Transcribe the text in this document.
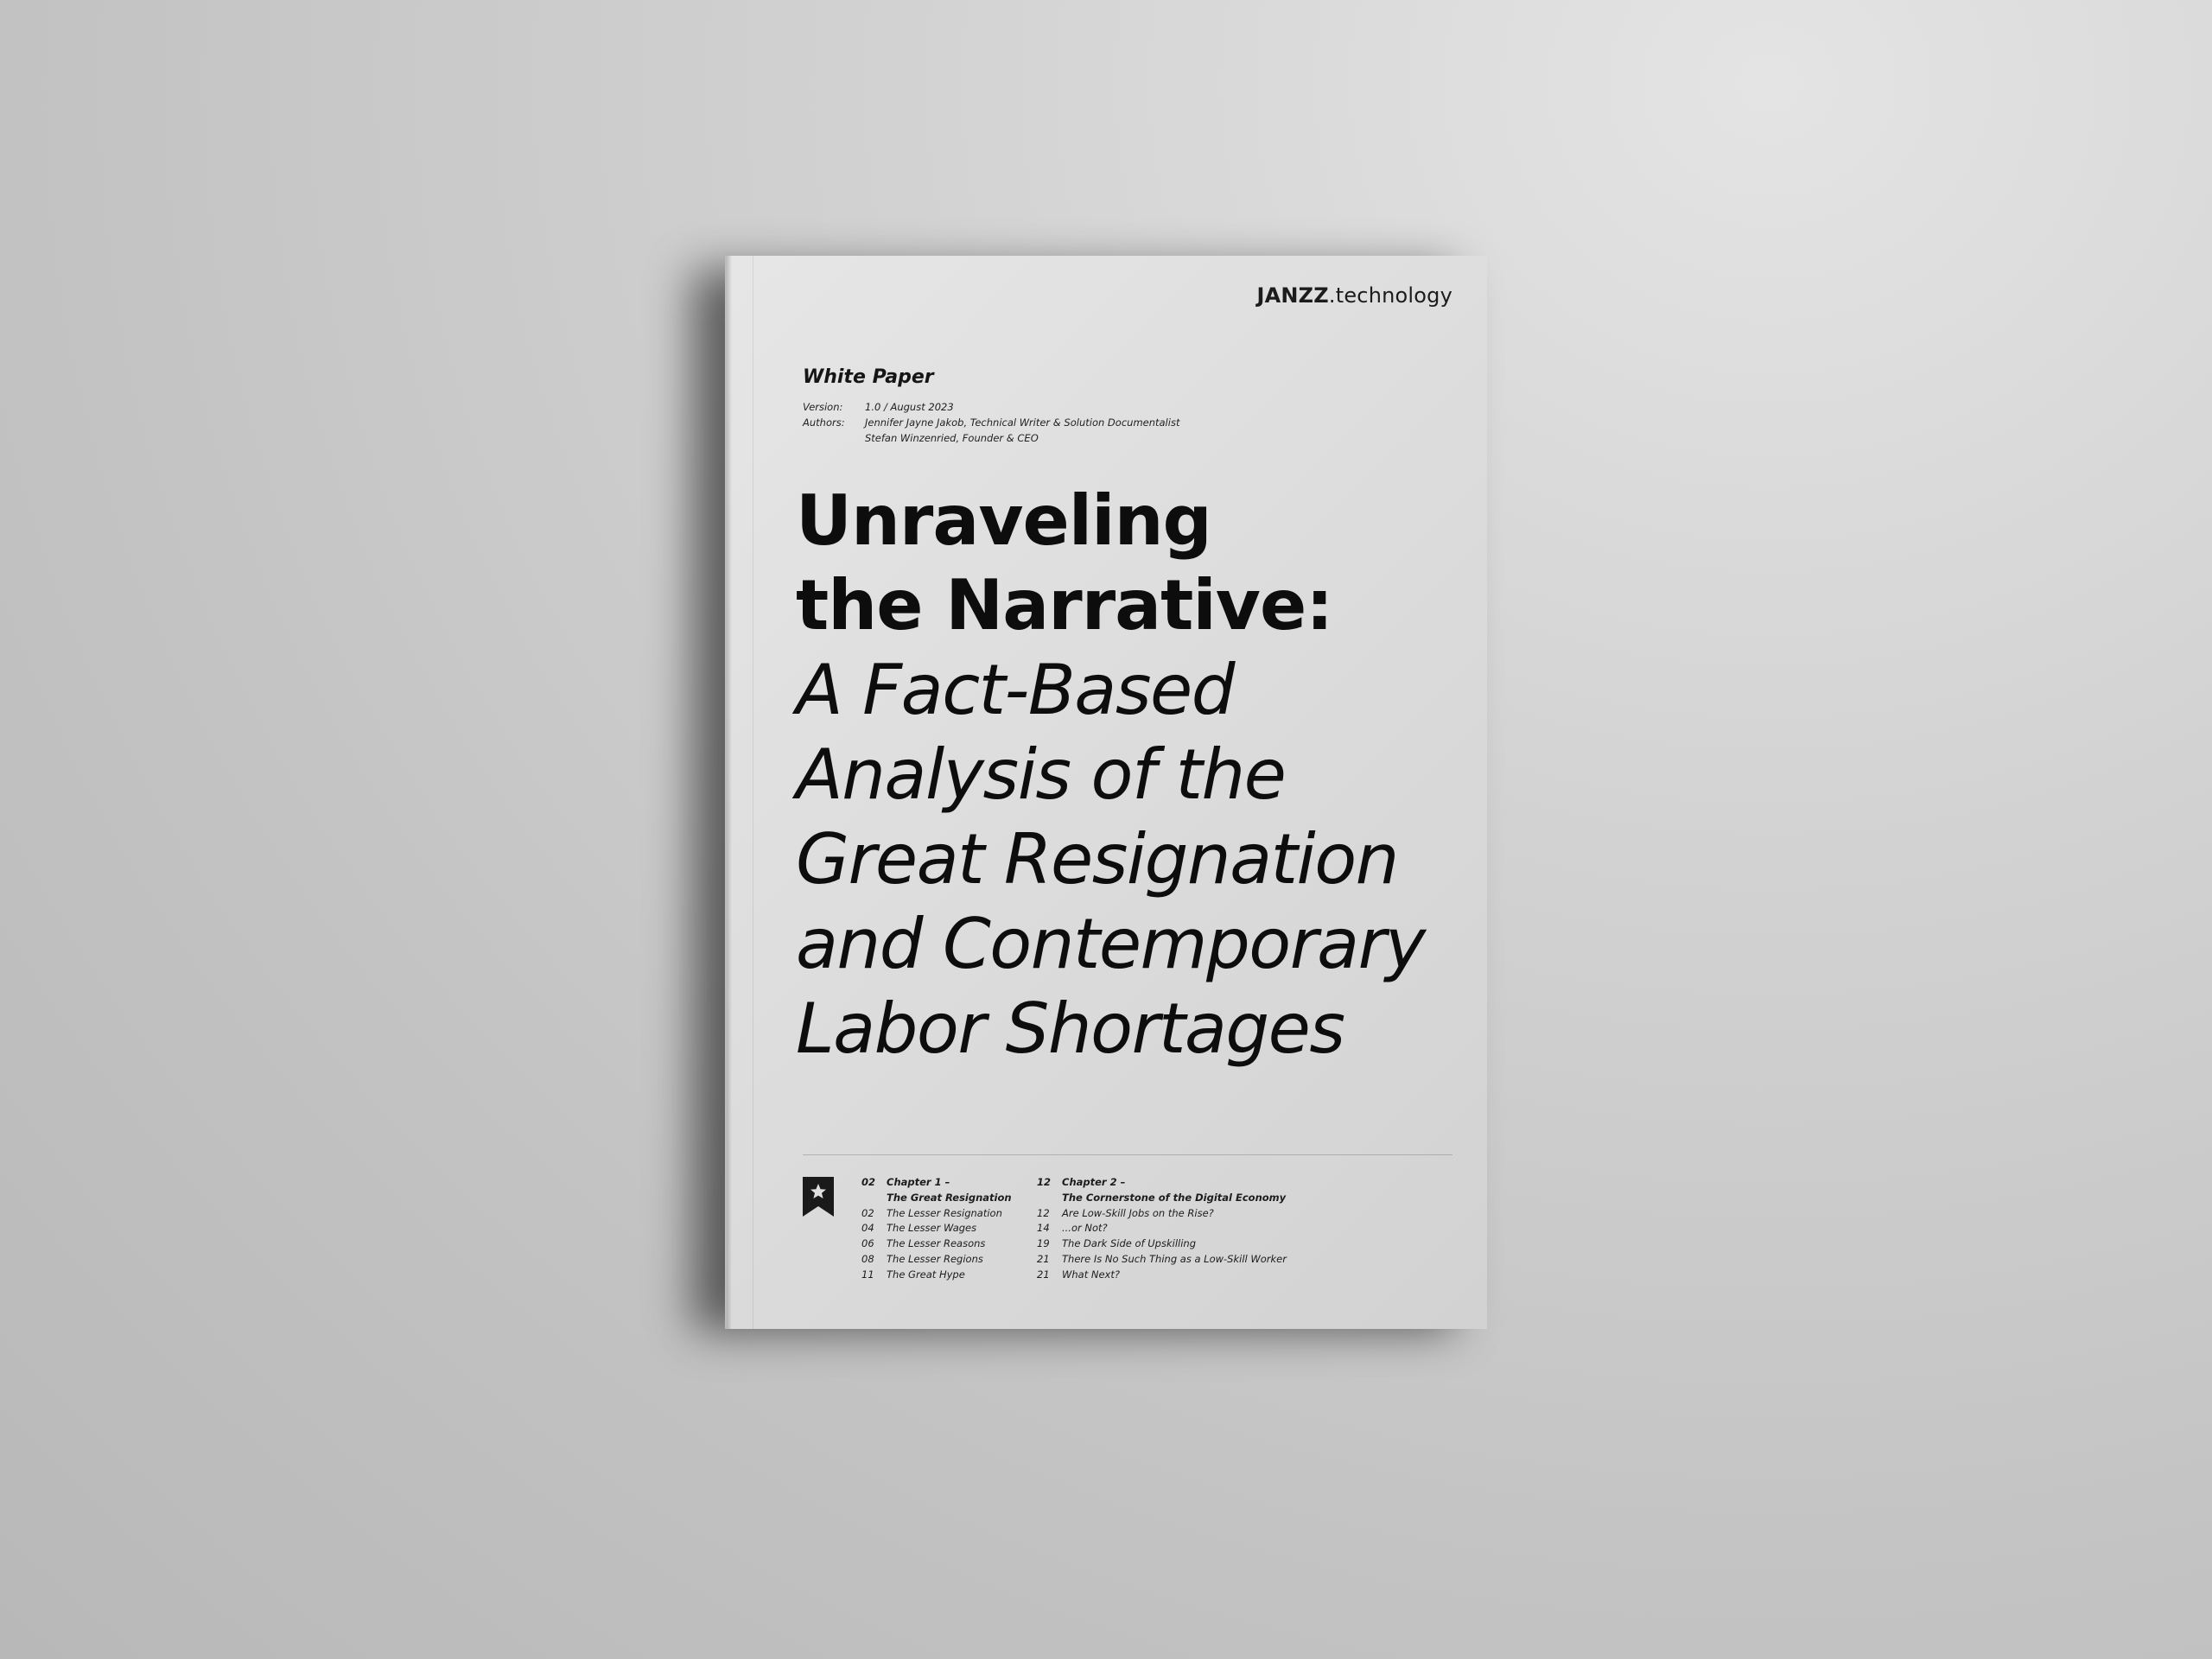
JANZZ.technology
White Paper
Version:	1.0 / August 2023
Authors:	Jennifer Jayne Jakob, Technical Writer & Solution Documentalist
Stefan Winzenried, Founder & CEO
Unraveling
the Narrative:
A Fact-Based
Analysis of the
Great Resignation
and Contemporary
Labor Shortages
02	Chapter 1 –
The Great Resignation
02	The Lesser Resignation
04	The Lesser Wages
06	The Lesser Reasons
08	The Lesser Regions
11	The Great Hype
12	Chapter 2 –
The Cornerstone of the Digital Economy
12	Are Low-Skill Jobs on the Rise?
14	...or Not?
19	The Dark Side of Upskilling
21	There Is No Such Thing as a Low-Skill Worker
21	What Next?
